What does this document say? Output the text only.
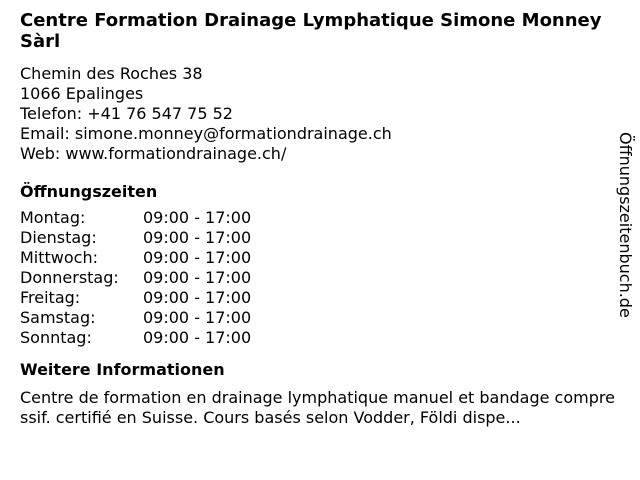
Centre Formation Drainage Lymphatique Simone Monney Sàrl
Chemin des Roches 38
1066 Epalinges
Telefon: +41 76 547 75 52
Email: simone.monney@formationdrainage.ch
Web: www.formationdrainage.ch/
Öffnungszeiten
Montag:	09:00 - 17:00
Dienstag:	09:00 - 17:00
Mittwoch:	09:00 - 17:00
Donnerstag:	09:00 - 17:00
Freitag:	09:00 - 17:00
Samstag:	09:00 - 17:00
Sonntag:	09:00 - 17:00
Weitere Informationen
Centre de formation en drainage lymphatique manuel et bandage compressif. certifié en Suisse. Cours basés selon Vodder, Földi dispe...
Öffnungszeitenbuch.de
